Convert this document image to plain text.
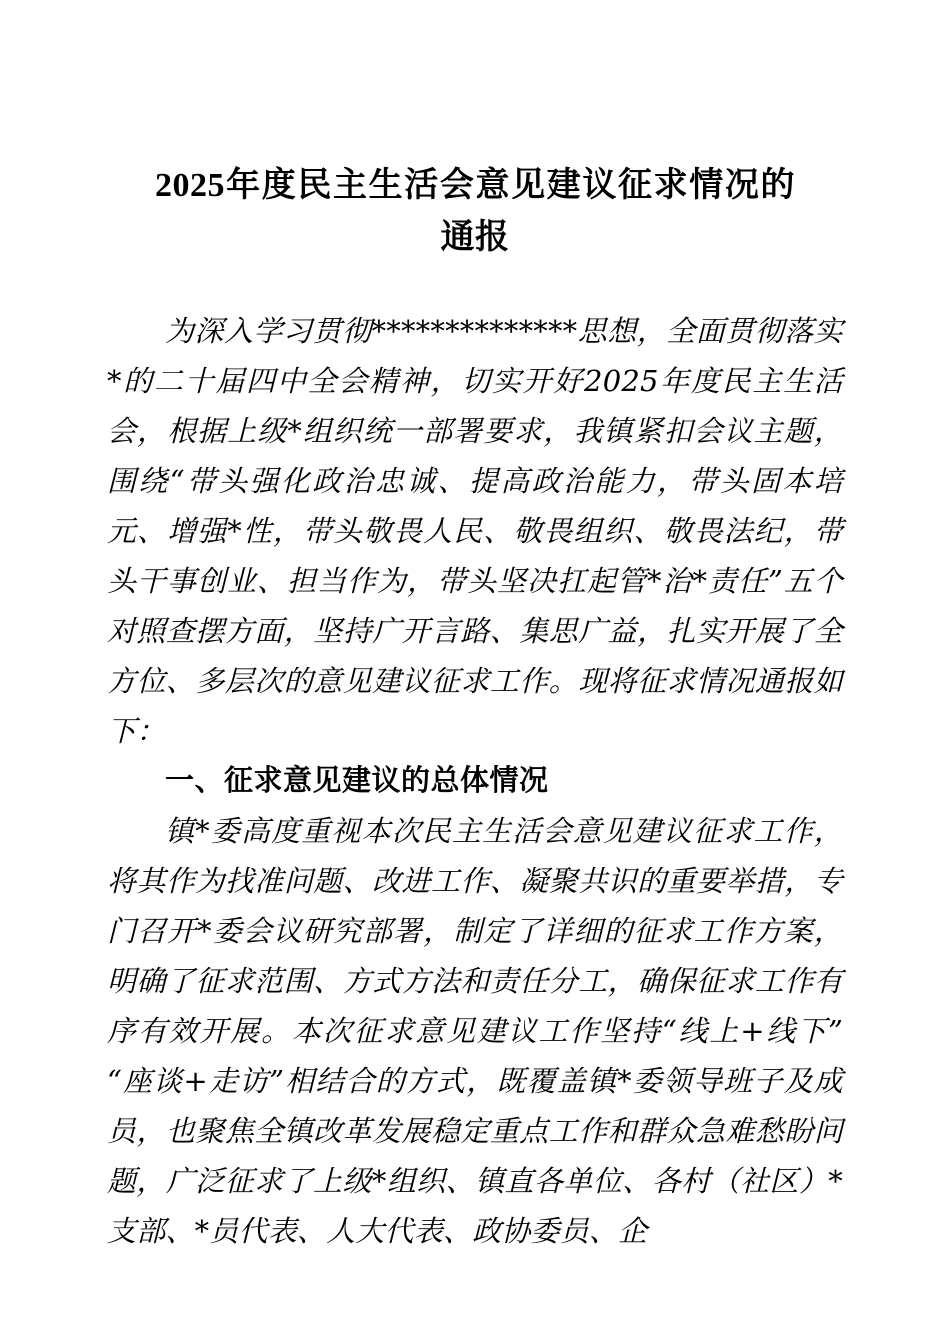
2025年度民主生活会意见建议征求情况的
通报

为深入学习贯彻**************思想，全面贯彻落实*的二十届四中全会精神，切实开好2025年度民主生活会，根据上级*组织统一部署要求，我镇紧扣会议主题，围绕“带头强化政治忠诚、提高政治能力，带头固本培元、增强*性，带头敬畏人民、敬畏组织、敬畏法纪，带头干事创业、担当作为，带头坚决扛起管*治*责任”五个对照查摆方面，坚持广开言路、集思广益，扎实开展了全方位、多层次的意见建议征求工作。现将征求情况通报如下：

一、征求意见建议的总体情况

镇*委高度重视本次民主生活会意见建议征求工作，将其作为找准问题、改进工作、凝聚共识的重要举措，专门召开*委会议研究部署，制定了详细的征求工作方案，明确了征求范围、方式方法和责任分工，确保征求工作有序有效开展。本次征求意见建议工作坚持“线上+线下”“座谈+走访”相结合的方式，既覆盖镇*委领导班子及成员，也聚焦全镇改革发展稳定重点工作和群众急难愁盼问题，广泛征求了上级*组织、镇直各单位、各村（社区）*支部、*员代表、人大代表、政协委员、企
